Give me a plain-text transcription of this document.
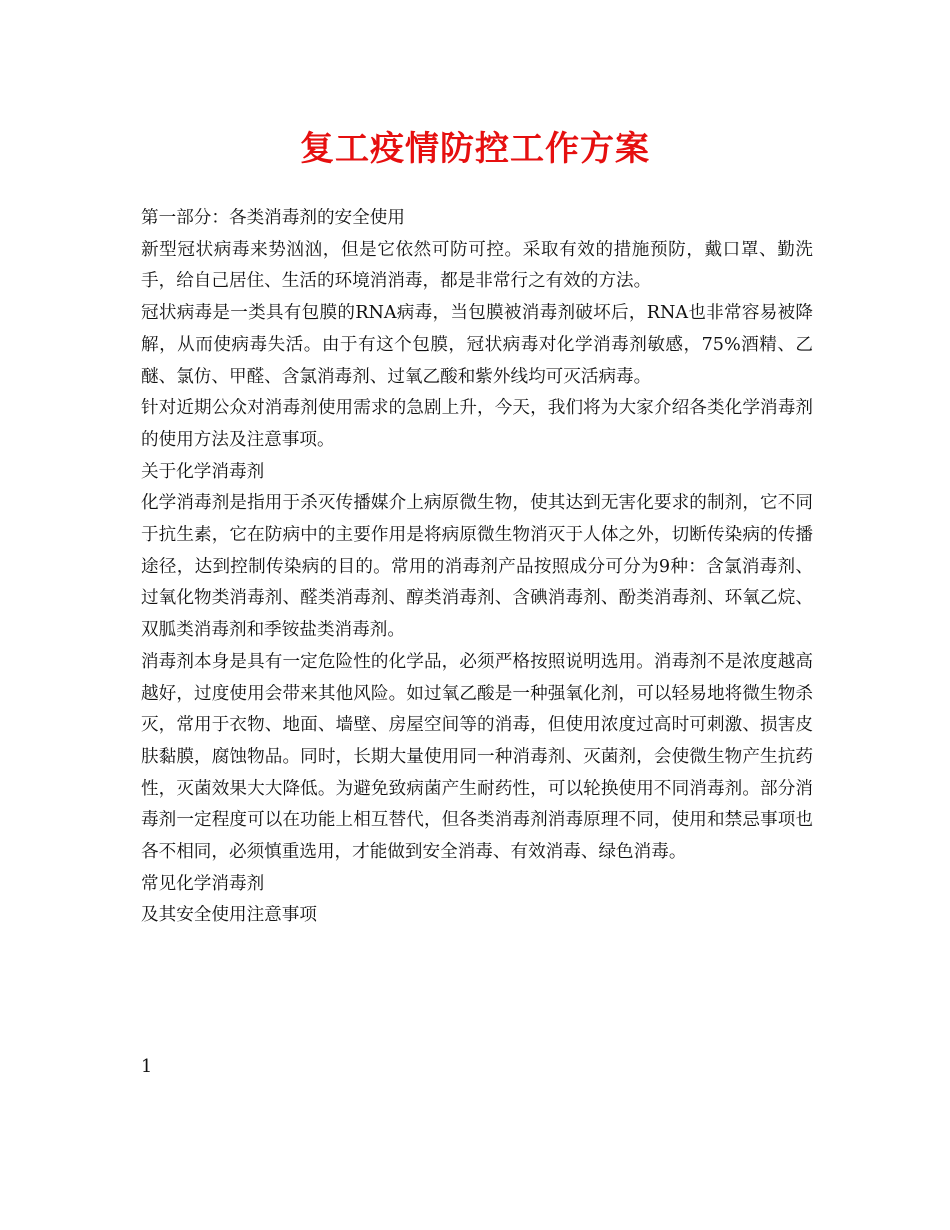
复工疫情防控工作方案

第一部分：各类消毒剂的安全使用

新型冠状病毒来势汹汹，但是它依然可防可控。采取有效的措施预防，戴口罩、勤洗手，给自己居住、生活的环境消消毒，都是非常行之有效的方法。

冠状病毒是一类具有包膜的RNA病毒，当包膜被消毒剂破坏后，RNA也非常容易被降解，从而使病毒失活。由于有这个包膜，冠状病毒对化学消毒剂敏感，75%酒精、乙醚、氯仿、甲醛、含氯消毒剂、过氧乙酸和紫外线均可灭活病毒。

针对近期公众对消毒剂使用需求的急剧上升，今天，我们将为大家介绍各类化学消毒剂的使用方法及注意事项。

关于化学消毒剂

化学消毒剂是指用于杀灭传播媒介上病原微生物，使其达到无害化要求的制剂，它不同于抗生素，它在防病中的主要作用是将病原微生物消灭于人体之外，切断传染病的传播途径，达到控制传染病的目的。常用的消毒剂产品按照成分可分为9种：含氯消毒剂、过氧化物类消毒剂、醛类消毒剂、醇类消毒剂、含碘消毒剂、酚类消毒剂、环氧乙烷、双胍类消毒剂和季铵盐类消毒剂。

消毒剂本身是具有一定危险性的化学品，必须严格按照说明选用。消毒剂不是浓度越高越好，过度使用会带来其他风险。如过氧乙酸是一种强氧化剂，可以轻易地将微生物杀灭，常用于衣物、地面、墙壁、房屋空间等的消毒，但使用浓度过高时可刺激、损害皮肤黏膜，腐蚀物品。同时，长期大量使用同一种消毒剂、灭菌剂，会使微生物产生抗药性，灭菌效果大大降低。为避免致病菌产生耐药性，可以轮换使用不同消毒剂。部分消毒剂一定程度可以在功能上相互替代，但各类消毒剂消毒原理不同，使用和禁忌事项也各不相同，必须慎重选用，才能做到安全消毒、有效消毒、绿色消毒。

常见化学消毒剂

及其安全使用注意事项

1
